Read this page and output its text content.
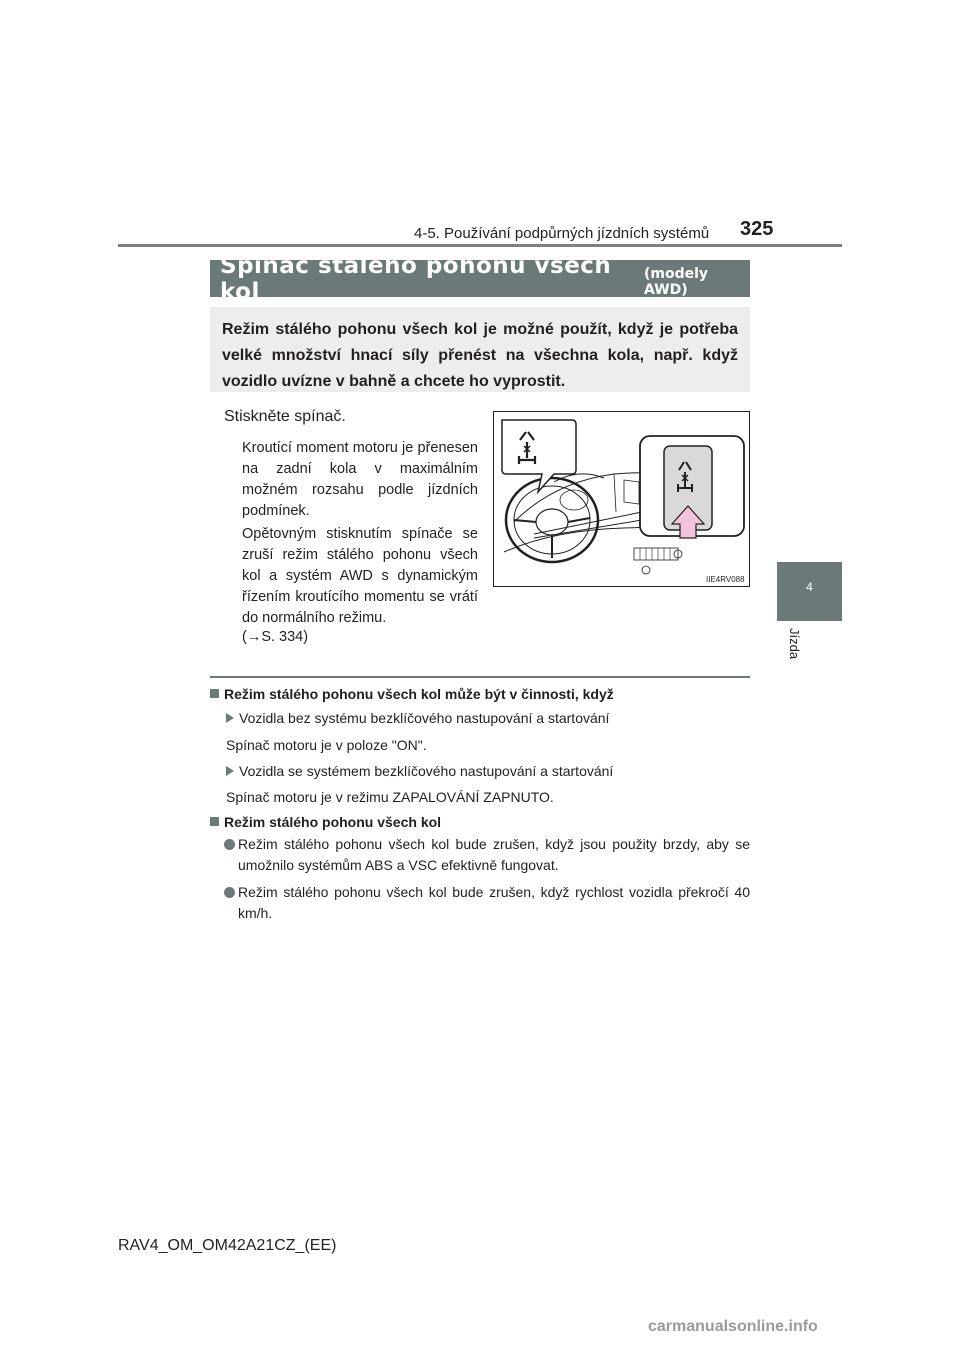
4-5. Používání podpůrných jízdních systémů 325
4
Jízda
Spínač stálého pohonu všech kol
(modely AWD)
Režim stálého pohonu všech kol je možné použít, když je potřeba velké množství hnací síly přenést na všechna kola, např. když vozidlo uvízne v bahně a chcete ho vyprostit.
Stiskněte spínač.
Kroutící moment motoru je přenesen na zadní kola v maximálním možném rozsahu podle jízdních podmínek.
Opětovným stisknutím spínače se zruší režim stálého pohonu všech kol a systém AWD s dynamickým řízením kroutícího momentu se vrátí do normálního režimu.
(→S. 334)
IIE4RV088
Režim stálého pohonu všech kol může být v činnosti, když
Vozidla bez systému bezklíčového nastupování a startování
Spínač motoru je v poloze "ON".
Vozidla se systémem bezklíčového nastupování a startování
Spínač motoru je v režimu ZAPALOVÁNÍ ZAPNUTO.
Režim stálého pohonu všech kol
Režim stálého pohonu všech kol bude zrušen, když jsou použity brzdy, aby se umožnilo systémům ABS a VSC efektivně fungovat.
Režim stálého pohonu všech kol bude zrušen, když rychlost vozidla překročí 40 km/h.
RAV4_OM_OM42A21CZ_(EE)
carmanualsonline.info
